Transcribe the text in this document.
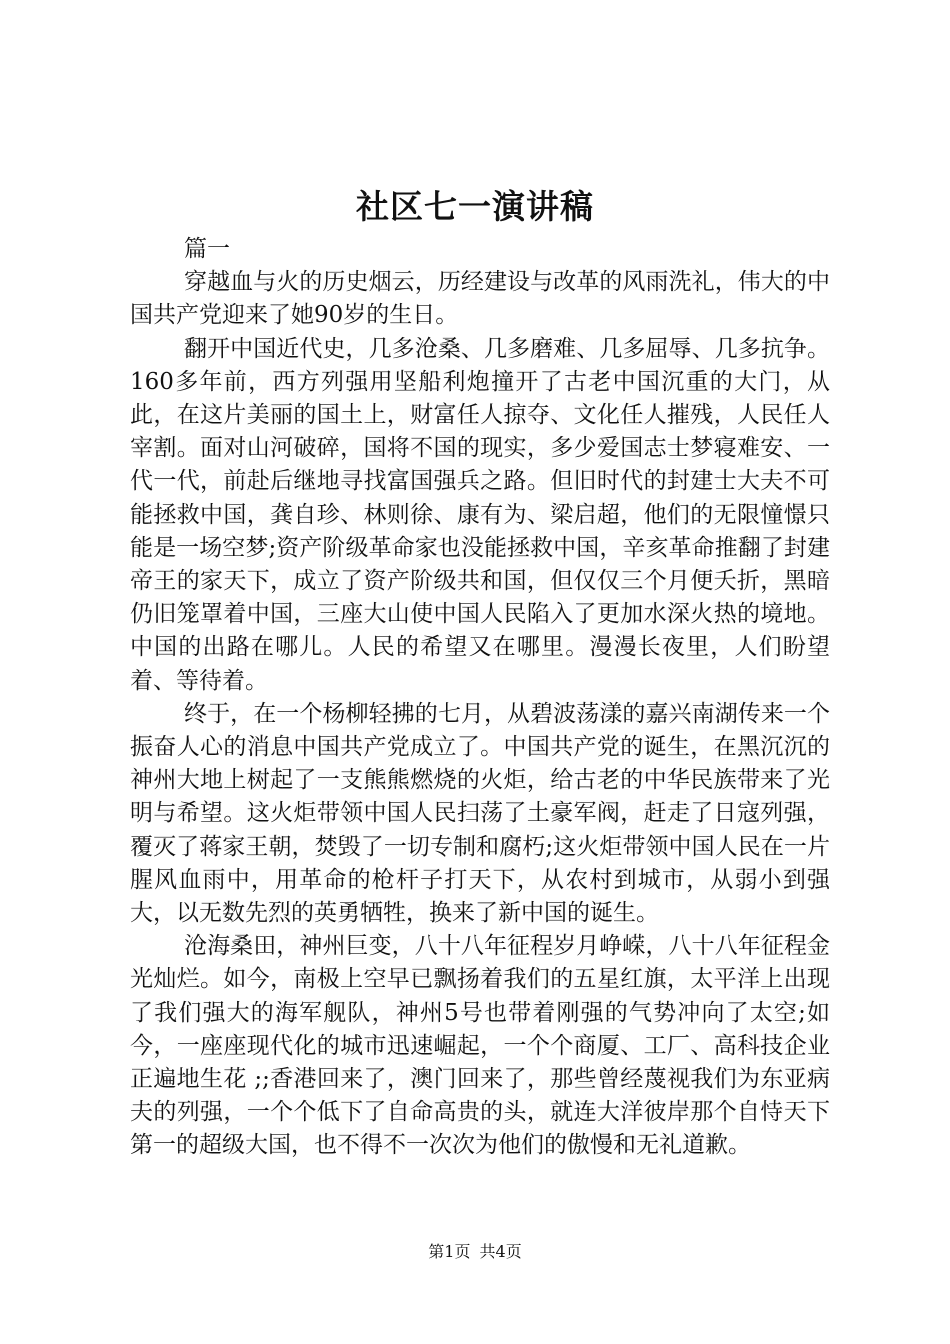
社区七一演讲稿

篇一

穿越血与火的历史烟云，历经建设与改革的风雨洗礼，伟大的中国共产党迎来了她90岁的生日。

翻开中国近代史，几多沧桑、几多磨难、几多屈辱、几多抗争。160多年前，西方列强用坚船利炮撞开了古老中国沉重的大门，从此，在这片美丽的国土上，财富任人掠夺、文化任人摧残，人民任人宰割。面对山河破碎，国将不国的现实，多少爱国志士梦寝难安、一代一代，前赴后继地寻找富国强兵之路。但旧时代的封建士大夫不可能拯救中国，龚自珍、林则徐、康有为、梁启超，他们的无限憧憬只能是一场空梦;资产阶级革命家也没能拯救中国，辛亥革命推翻了封建帝王的家天下，成立了资产阶级共和国，但仅仅三个月便夭折，黑暗仍旧笼罩着中国，三座大山使中国人民陷入了更加水深火热的境地。中国的出路在哪儿。人民的希望又在哪里。漫漫长夜里，人们盼望着、等待着。

终于，在一个杨柳轻拂的七月，从碧波荡漾的嘉兴南湖传来一个振奋人心的消息中国共产党成立了。中国共产党的诞生，在黑沉沉的神州大地上树起了一支熊熊燃烧的火炬，给古老的中华民族带来了光明与希望。这火炬带领中国人民扫荡了土豪军阀，赶走了日寇列强，覆灭了蒋家王朝，焚毁了一切专制和腐朽;这火炬带领中国人民在一片腥风血雨中，用革命的枪杆子打天下，从农村到城市，从弱小到强大，以无数先烈的英勇牺牲，换来了新中国的诞生。

沧海桑田，神州巨变，八十八年征程岁月峥嵘，八十八年征程金光灿烂。如今，南极上空早已飘扬着我们的五星红旗，太平洋上出现了我们强大的海军舰队，神州5号也带着刚强的气势冲向了太空;如今，一座座现代化的城市迅速崛起，一个个商厦、工厂、高科技企业正遍地生花 ;;香港回来了，澳门回来了，那些曾经蔑视我们为东亚病夫的列强，一个个低下了自命高贵的头，就连大洋彼岸那个自恃天下第一的超级大国，也不得不一次次为他们的傲慢和无礼道歉。

第1页 共4页
